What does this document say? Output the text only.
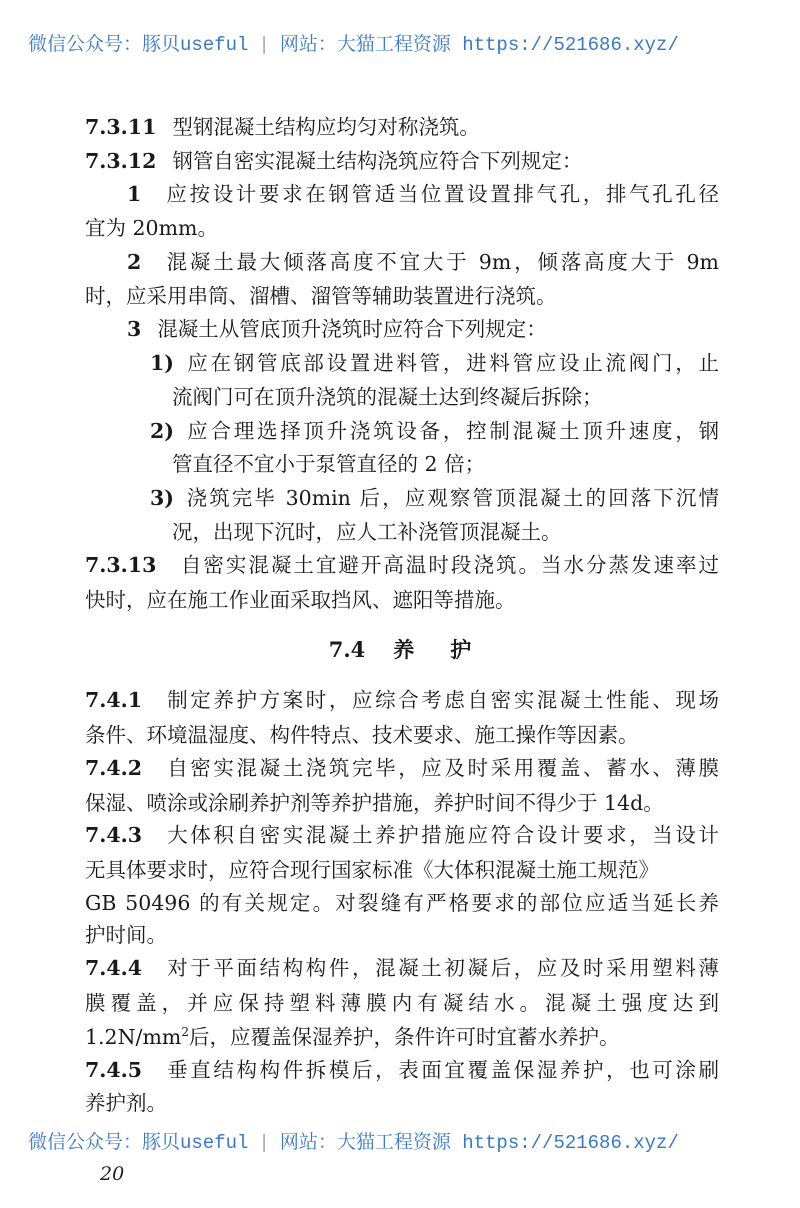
微信公众号：豚贝useful | 网站：大猫工程资源 https://521686.xyz/
7.3.11 型钢混凝土结构应均匀对称浇筑。
7.3.12 钢管自密实混凝土结构浇筑应符合下列规定：
1 应按设计要求在钢管适当位置设置排气孔，排气孔孔径
宜为 20mm。
2 混凝土最大倾落高度不宜大于 9m，倾落高度大于 9m
时，应采用串筒、溜槽、溜管等辅助装置进行浇筑。
3 混凝土从管底顶升浇筑时应符合下列规定：
1) 应在钢管底部设置进料管，进料管应设止流阀门，止
流阀门可在顶升浇筑的混凝土达到终凝后拆除；
2) 应合理选择顶升浇筑设备，控制混凝土顶升速度，钢
管直径不宜小于泵管直径的 2 倍；
3) 浇筑完毕 30min 后，应观察管顶混凝土的回落下沉情
况，出现下沉时，应人工补浇管顶混凝土。
7.3.13 自密实混凝土宜避开高温时段浇筑。当水分蒸发速率过
快时，应在施工作业面采取挡风、遮阳等措施。
7.4 养 护
7.4.1 制定养护方案时，应综合考虑自密实混凝土性能、现场
条件、环境温湿度、构件特点、技术要求、施工操作等因素。
7.4.2 自密实混凝土浇筑完毕，应及时采用覆盖、蓄水、薄膜
保湿、喷涂或涂刷养护剂等养护措施，养护时间不得少于 14d。
7.4.3 大体积自密实混凝土养护措施应符合设计要求，当设计
无具体要求时，应符合现行国家标准《大体积混凝土施工规范》
GB 50496 的有关规定。对裂缝有严格要求的部位应适当延长养
护时间。
7.4.4 对于平面结构构件，混凝土初凝后，应及时采用塑料薄
膜覆盖，并应保持塑料薄膜内有凝结水。混凝土强度达到
$1.2N/mm^2$后，应覆盖保湿养护，条件许可时宜蓄水养护。
7.4.5 垂直结构构件拆模后，表面宜覆盖保湿养护，也可涂刷
养护剂。
微信公众号：豚贝useful | 网站：大猫工程资源 https://521686.xyz/
20
